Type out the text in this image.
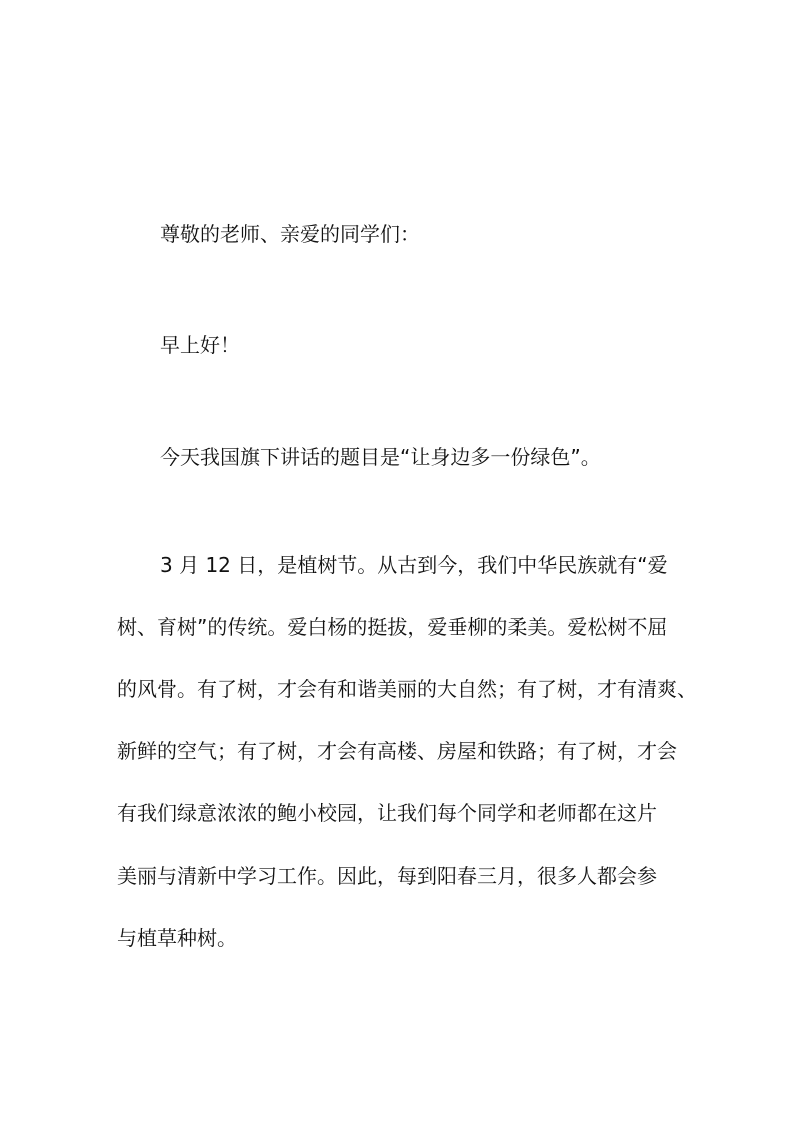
尊敬的老师、亲爱的同学们：
早上好！
今天我国旗下讲话的题目是“让身边多一份绿色”。
3 月 12 日，是植树节。从古到今，我们中华民族就有“爱
树、育树”的传统。爱白杨的挺拔，爱垂柳的柔美。爱松树不屈
的风骨。有了树，才会有和谐美丽的大自然；有了树，才有清爽、
新鲜的空气；有了树，才会有高楼、房屋和铁路；有了树，才会
有我们绿意浓浓的鲍小校园，让我们每个同学和老师都在这片
美丽与清新中学习工作。因此，每到阳春三月，很多人都会参
与植草种树。
